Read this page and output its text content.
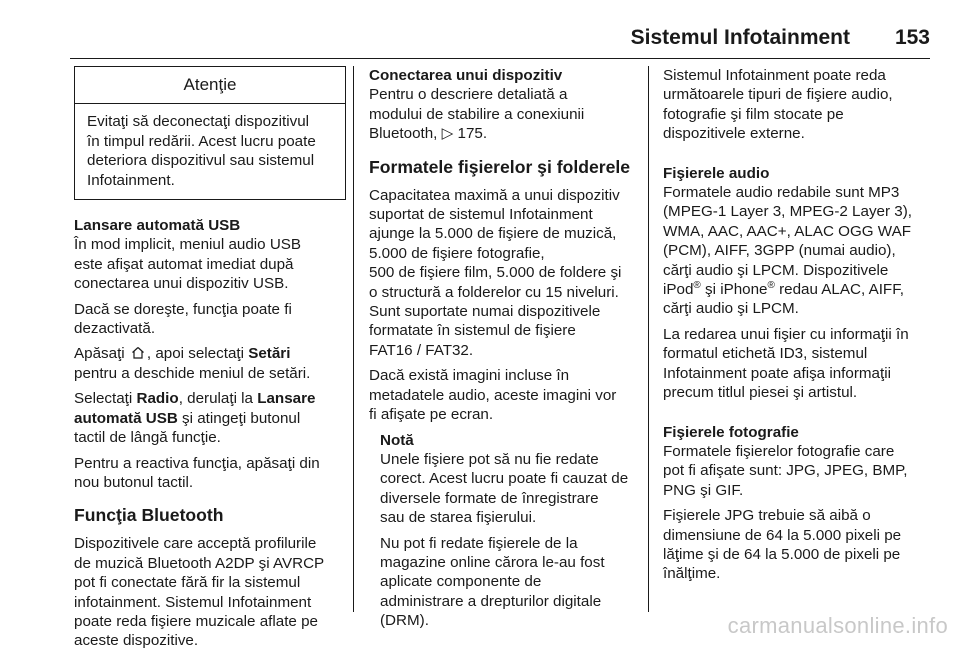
Sistemul Infotainment 153
Atenţie
Evitaţi să deconectaţi dispozitivul
în timpul redării. Acest lucru poate
deteriora dispozitivul sau sistemul
Infotainment.
Lansare automată USB
În mod implicit, meniul audio USB
este afişat automat imediat după
conectarea unui dispozitiv USB.
Dacă se doreşte, funcţia poate fi
dezactivată.
Apăsaţi , apoi selectaţi Setări
pentru a deschide meniul de setări.
Selectaţi Radio, derulaţi la Lansare
automată USB şi atingeţi butonul
tactil de lângă funcţie.
Pentru a reactiva funcţia, apăsaţi din
nou butonul tactil.
Funcţia Bluetooth
Dispozitivele care acceptă profilurile
de muzică Bluetooth A2DP şi AVRCP
pot fi conectate fără fir la sistemul
infotainment. Sistemul Infotainment
poate reda fişiere muzicale aflate pe
aceste dispozitive.
Conectarea unui dispozitiv
Pentru o descriere detaliată a
modului de stabilire a conexiunii
Bluetooth, ▷ 175.
Formatele fişierelor şi folderele
Capacitatea maximă a unui dispozitiv
suportat de sistemul Infotainment
ajunge la 5.000 de fişiere de muzică,
5.000 de fişiere fotografie,
500 de fişiere film, 5.000 de foldere şi
o structură a folderelor cu 15 niveluri.
Sunt suportate numai dispozitivele
formatate în sistemul de fişiere
FAT16 / FAT32.
Dacă există imagini incluse în
metadatele audio, aceste imagini vor
fi afişate pe ecran.
Notă
Unele fişiere pot să nu fie redate
corect. Acest lucru poate fi cauzat de
diversele formate de înregistrare
sau de starea fişierului.
Nu pot fi redate fişierele de la
magazine online cărora le-au fost
aplicate componente de
administrare a drepturilor digitale
(DRM).
Sistemul Infotainment poate reda
următoarele tipuri de fişiere audio,
fotografie şi film stocate pe
dispozitivele externe.
Fişierele audio
Formatele audio redabile sunt MP3
(MPEG-1 Layer 3, MPEG-2 Layer 3),
WMA, AAC, AAC+, ALAC OGG WAF
(PCM), AIFF, 3GPP (numai audio),
cărţi audio şi LPCM. Dispozitivele
iPod® şi iPhone® redau ALAC, AIFF,
cărţi audio şi LPCM.
La redarea unui fişier cu informaţii în
formatul etichetă ID3, sistemul
Infotainment poate afişa informaţii
precum titlul piesei şi artistul.
Fişierele fotografie
Formatele fişierelor fotografie care
pot fi afişate sunt: JPG, JPEG, BMP,
PNG şi GIF.
Fişierele JPG trebuie să aibă o
dimensiune de 64 la 5.000 pixeli pe
lăţime şi de 64 la 5.000 de pixeli pe
înălţime.
carmanualsonline.info
